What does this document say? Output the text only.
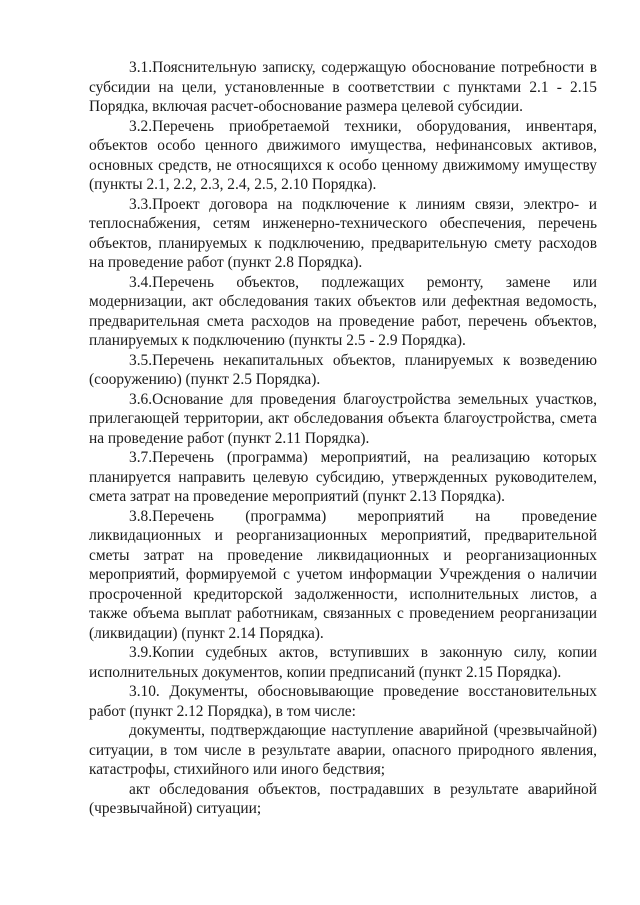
3.1.Пояснительную записку, содержащую обоснование потребности в субсидии на цели, установленные в соответствии с пунктами 2.1 - 2.15 Порядка, включая расчет-обоснование размера целевой субсидии.

3.2.Перечень приобретаемой техники, оборудования, инвентаря, объектов особо ценного движимого имущества, нефинансовых активов, основных средств, не относящихся к особо ценному движимому имуществу (пункты 2.1, 2.2, 2.3, 2.4, 2.5, 2.10 Порядка).

3.3.Проект договора на подключение к линиям связи, электро- и теплоснабжения, сетям инженерно-технического обеспечения, перечень объектов, планируемых к подключению, предварительную смету расходов на проведение работ (пункт 2.8 Порядка).

3.4.Перечень объектов, подлежащих ремонту, замене или модернизации, акт обследования таких объектов или дефектная ведомость, предварительная смета расходов на проведение работ, перечень объектов, планируемых к подключению (пункты 2.5 - 2.9 Порядка).

3.5.Перечень некапитальных объектов, планируемых к возведению (сооружению) (пункт 2.5 Порядка).

3.6.Основание для проведения благоустройства земельных участков, прилегающей территории, акт обследования объекта благоустройства, смета на проведение работ (пункт 2.11 Порядка).

3.7.Перечень (программа) мероприятий, на реализацию которых планируется направить целевую субсидию, утвержденных руководителем, смета затрат на проведение мероприятий (пункт 2.13 Порядка).

3.8.Перечень (программа) мероприятий на проведение ликвидационных и реорганизационных мероприятий, предварительной сметы затрат на проведение ликвидационных и реорганизационных мероприятий, формируемой с учетом информации Учреждения о наличии просроченной кредиторской задолженности, исполнительных листов, а также объема выплат работникам, связанных с проведением реорганизации (ликвидации) (пункт 2.14 Порядка).

3.9.Копии судебных актов, вступивших в законную силу, копии исполнительных документов, копии предписаний (пункт 2.15 Порядка).

3.10. Документы, обосновывающие проведение восстановительных работ (пункт 2.12 Порядка), в том числе:

документы, подтверждающие наступление аварийной (чрезвычайной) ситуации, в том числе в результате аварии, опасного природного явления, катастрофы, стихийного или иного бедствия;

акт обследования объектов, пострадавших в результате аварийной (чрезвычайной) ситуации;
